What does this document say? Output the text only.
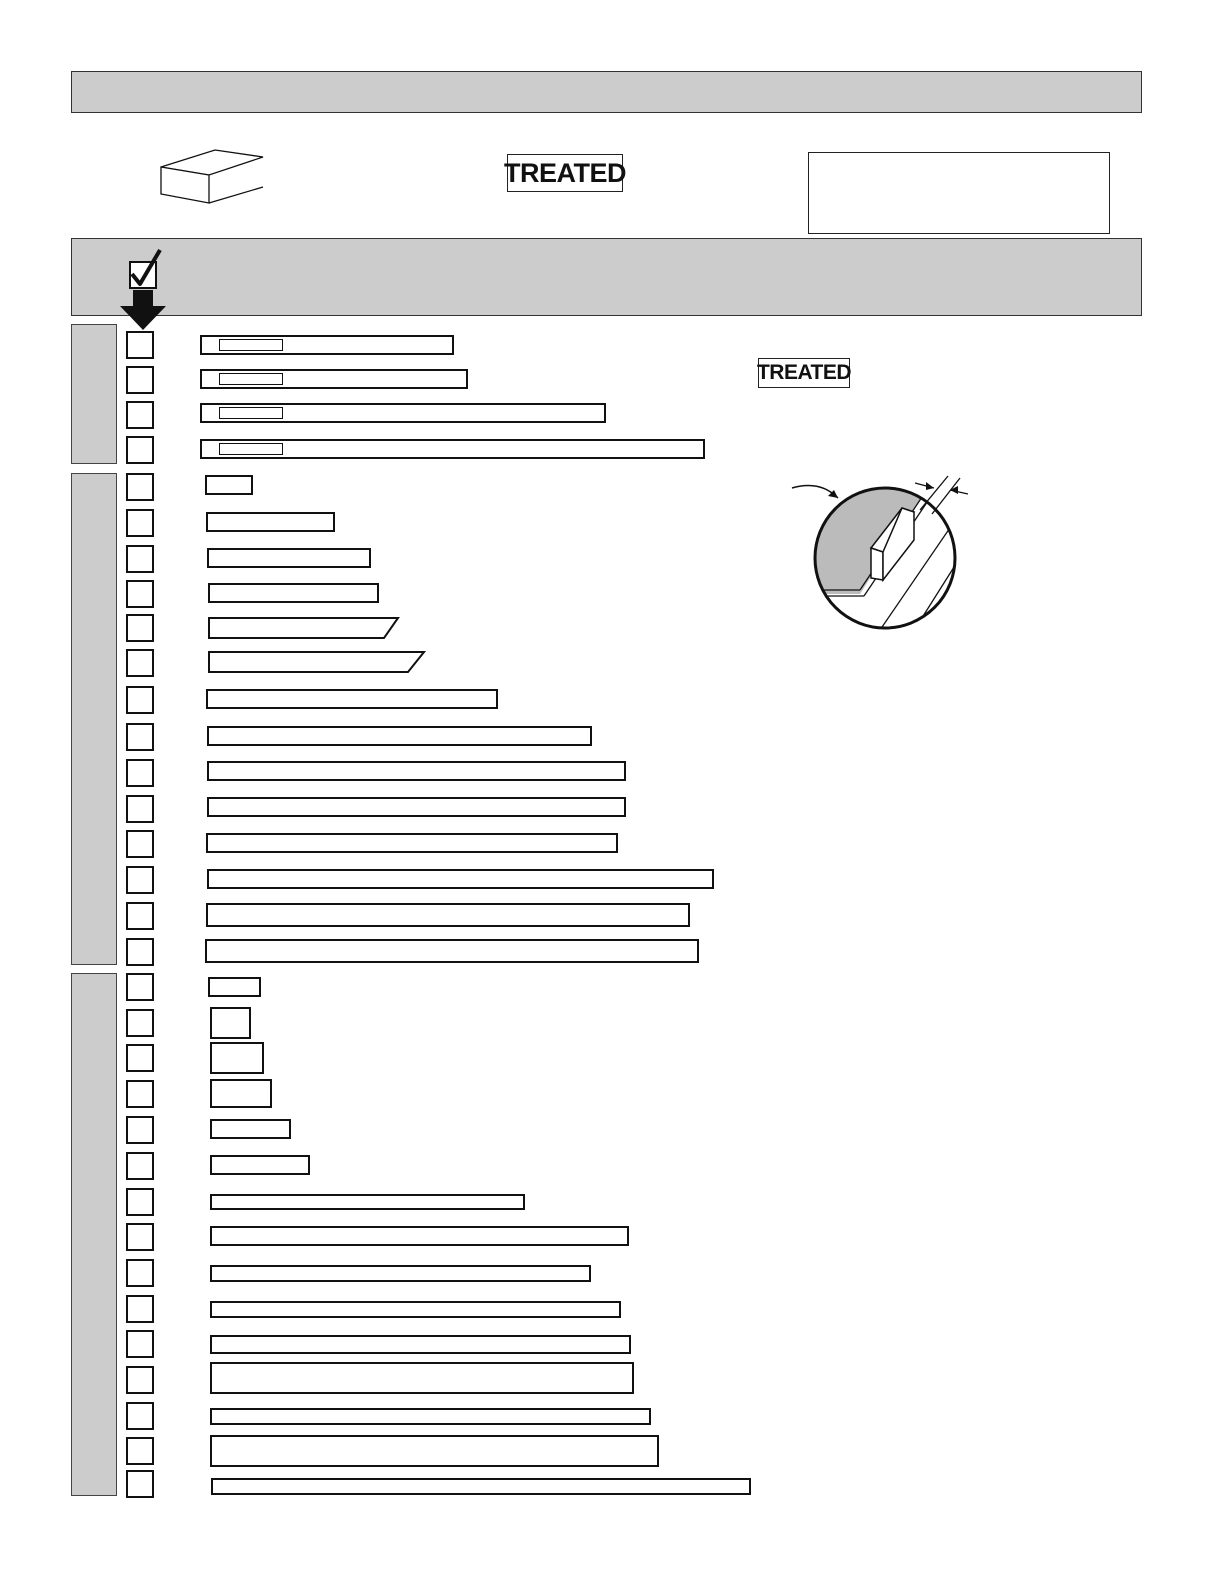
TREATED
TREATED
